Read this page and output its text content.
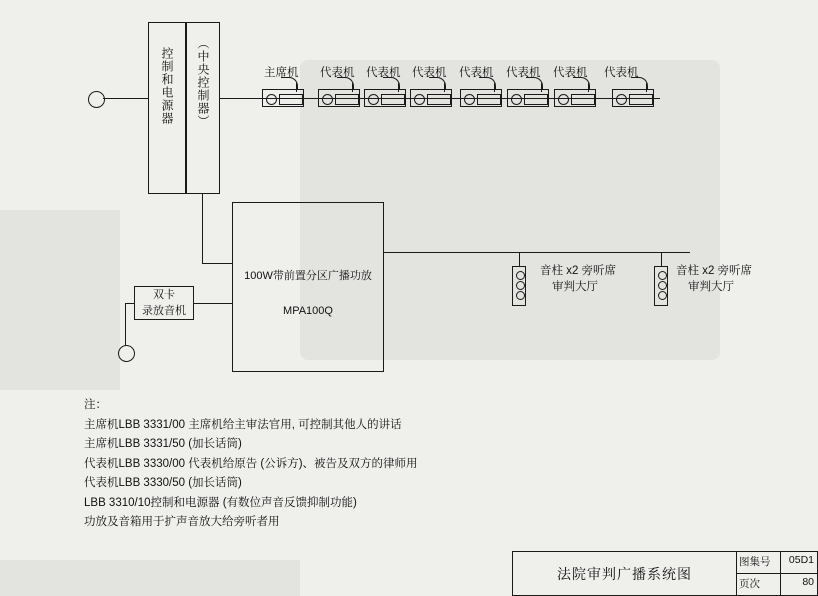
控制和电源器 （中央控制器）	主席机 代表机 代表机 代表机 代表机 代表机 代表机 代表机
100W带前置分区广播功放
MPA100Q
双卡
录放音机
音柱 x2 旁听席
审判大厅
音柱 x2 旁听席
审判大厅
注：
主席机LBB 3331/00 主席机给主审法官用, 可控制其他人的讲话
主席机LBB 3331/50 (加长话筒)
代表机LBB 3330/00 代表机给原告 (公诉方)、被告及双方的律师用
代表机LBB 3330/50 (加长话筒)
LBB 3310/10控制和电源器 (有数位声音反馈抑制功能)
功放及音箱用于扩声音放大给旁听者用
法院审判广播系统图
图集号 05D1
页次	80
